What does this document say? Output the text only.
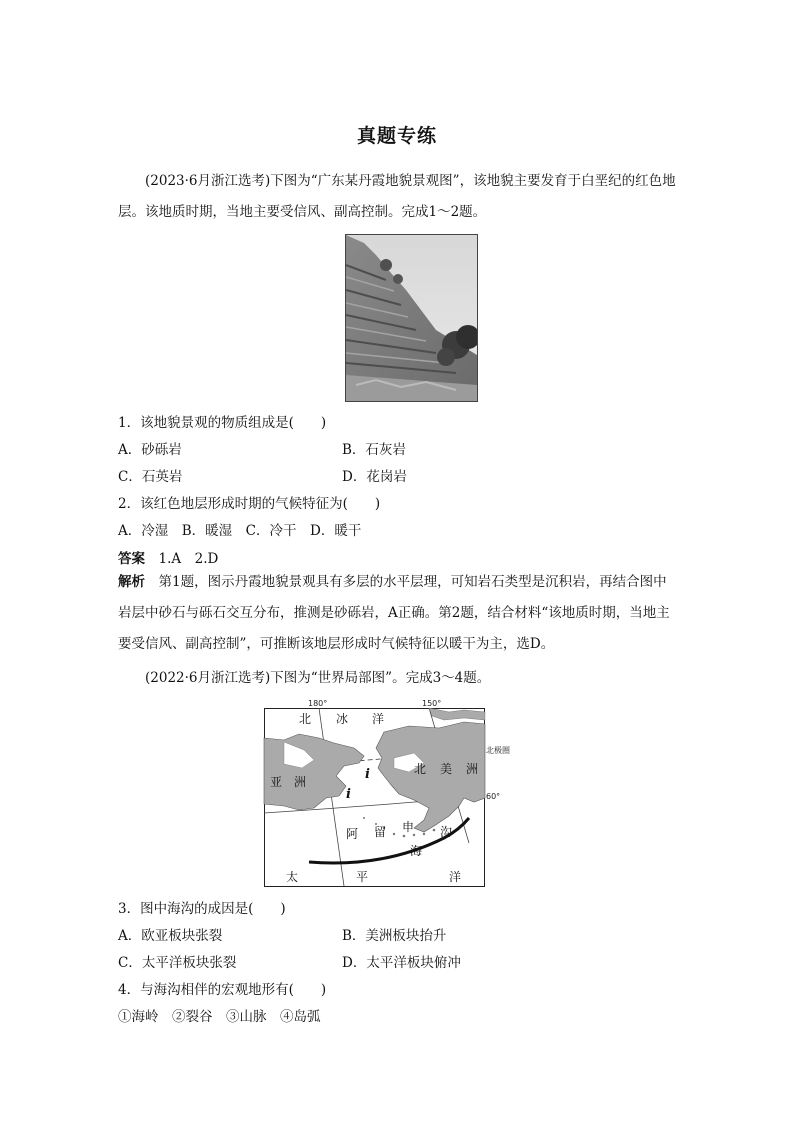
真题专练
(2023·6月浙江选考)下图为“广东某丹霞地貌景观图”，该地貌主要发育于白垩纪的红色地层。该地质时期，当地主要受信风、副高控制。完成1～2题。
1．该地貌景观的物质组成是(　　)
A．砂砾岩	B．石灰岩
C．石英岩	D．花岗岩
2．该红色地层形成时期的气候特征为(　　)
A．冷湿　B．暖湿　C．冷干　D．暖干
答案　1.A　2.D
解析　第1题，图示丹霞地貌景观具有多层的水平层理，可知岩石类型是沉积岩，再结合图中岩层中砂石与砾石交互分布，推测是砂砾岩，A正确。第2题，结合材料“该地质时期，当地主要受信风、副高控制”，可推断该地层形成时气候特征以暖干为主，选D。
(2022·6月浙江选考)下图为“世界局部图”。完成3～4题。
i
i
180°	150°
北极圈
60°
北 冰 洋
亚 洲
北 美 洲
阿 留 申
海
沟
太	平	洋
3．图中海沟的成因是(　　)
A．欧亚板块张裂	B．美洲板块抬升
C．太平洋板块张裂	D．太平洋板块俯冲
4．与海沟相伴的宏观地形有(　　)
①海岭　②裂谷　③山脉　④岛弧
